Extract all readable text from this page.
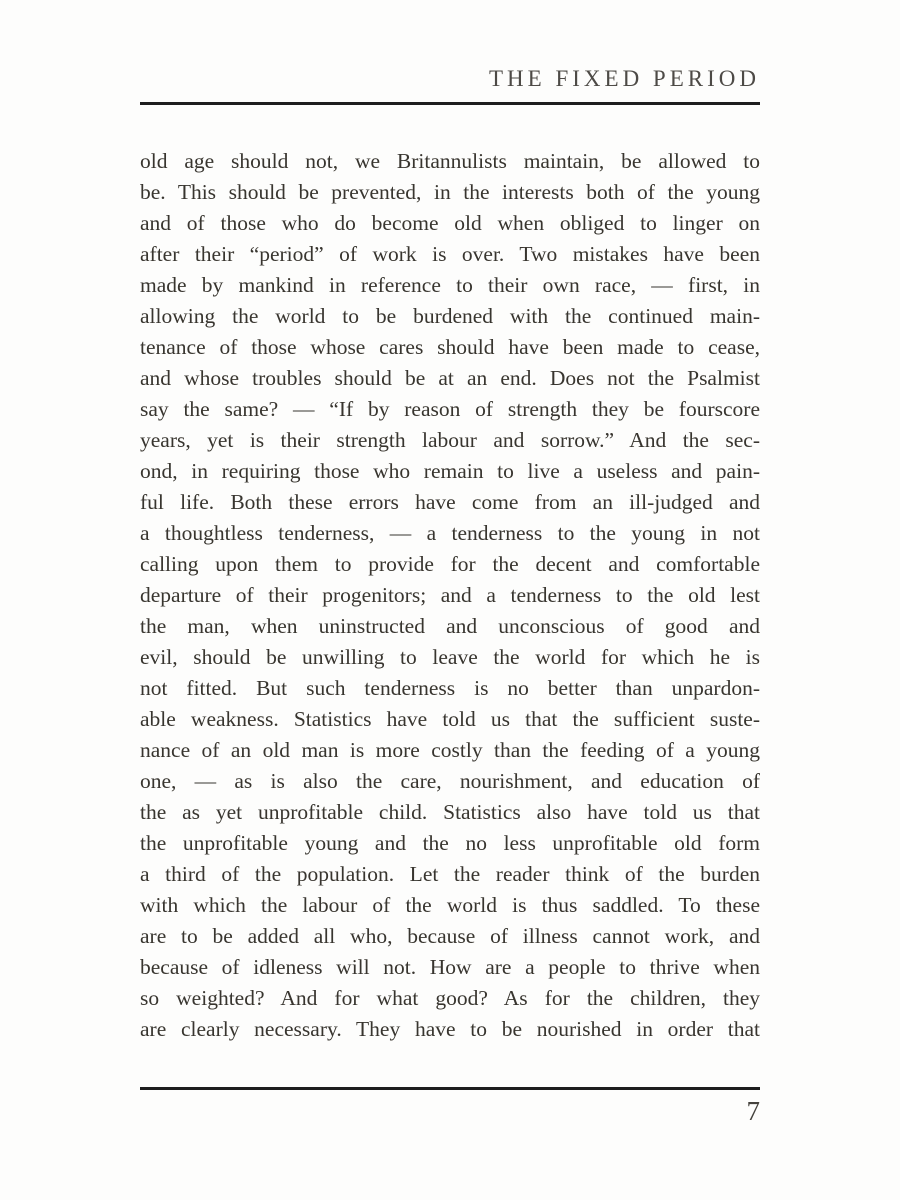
THE FIXED PERIOD
old age should not, we Britannulists maintain, be allowed to
be. This should be prevented, in the interests both of the young
and of those who do become old when obliged to linger on
after their “period” of work is over. Two mistakes have been
made by mankind in reference to their own race, — first, in
allowing the world to be burdened with the continued main-
tenance of those whose cares should have been made to cease,
and whose troubles should be at an end. Does not the Psalmist
say the same? — “If by reason of strength they be fourscore
years, yet is their strength labour and sorrow.” And the sec-
ond, in requiring those who remain to live a useless and pain-
ful life. Both these errors have come from an ill-judged and
a thoughtless tenderness, — a tenderness to the young in not
calling upon them to provide for the decent and comfortable
departure of their progenitors; and a tenderness to the old lest
the man, when uninstructed and unconscious of good and
evil, should be unwilling to leave the world for which he is
not fitted. But such tenderness is no better than unpardon-
able weakness. Statistics have told us that the sufficient suste-
nance of an old man is more costly than the feeding of a young
one, — as is also the care, nourishment, and education of
the as yet unprofitable child. Statistics also have told us that
the unprofitable young and the no less unprofitable old form
a third of the population. Let the reader think of the burden
with which the labour of the world is thus saddled. To these
are to be added all who, because of illness cannot work, and
because of idleness will not. How are a people to thrive when
so weighted? And for what good? As for the children, they
are clearly necessary. They have to be nourished in order that
7
